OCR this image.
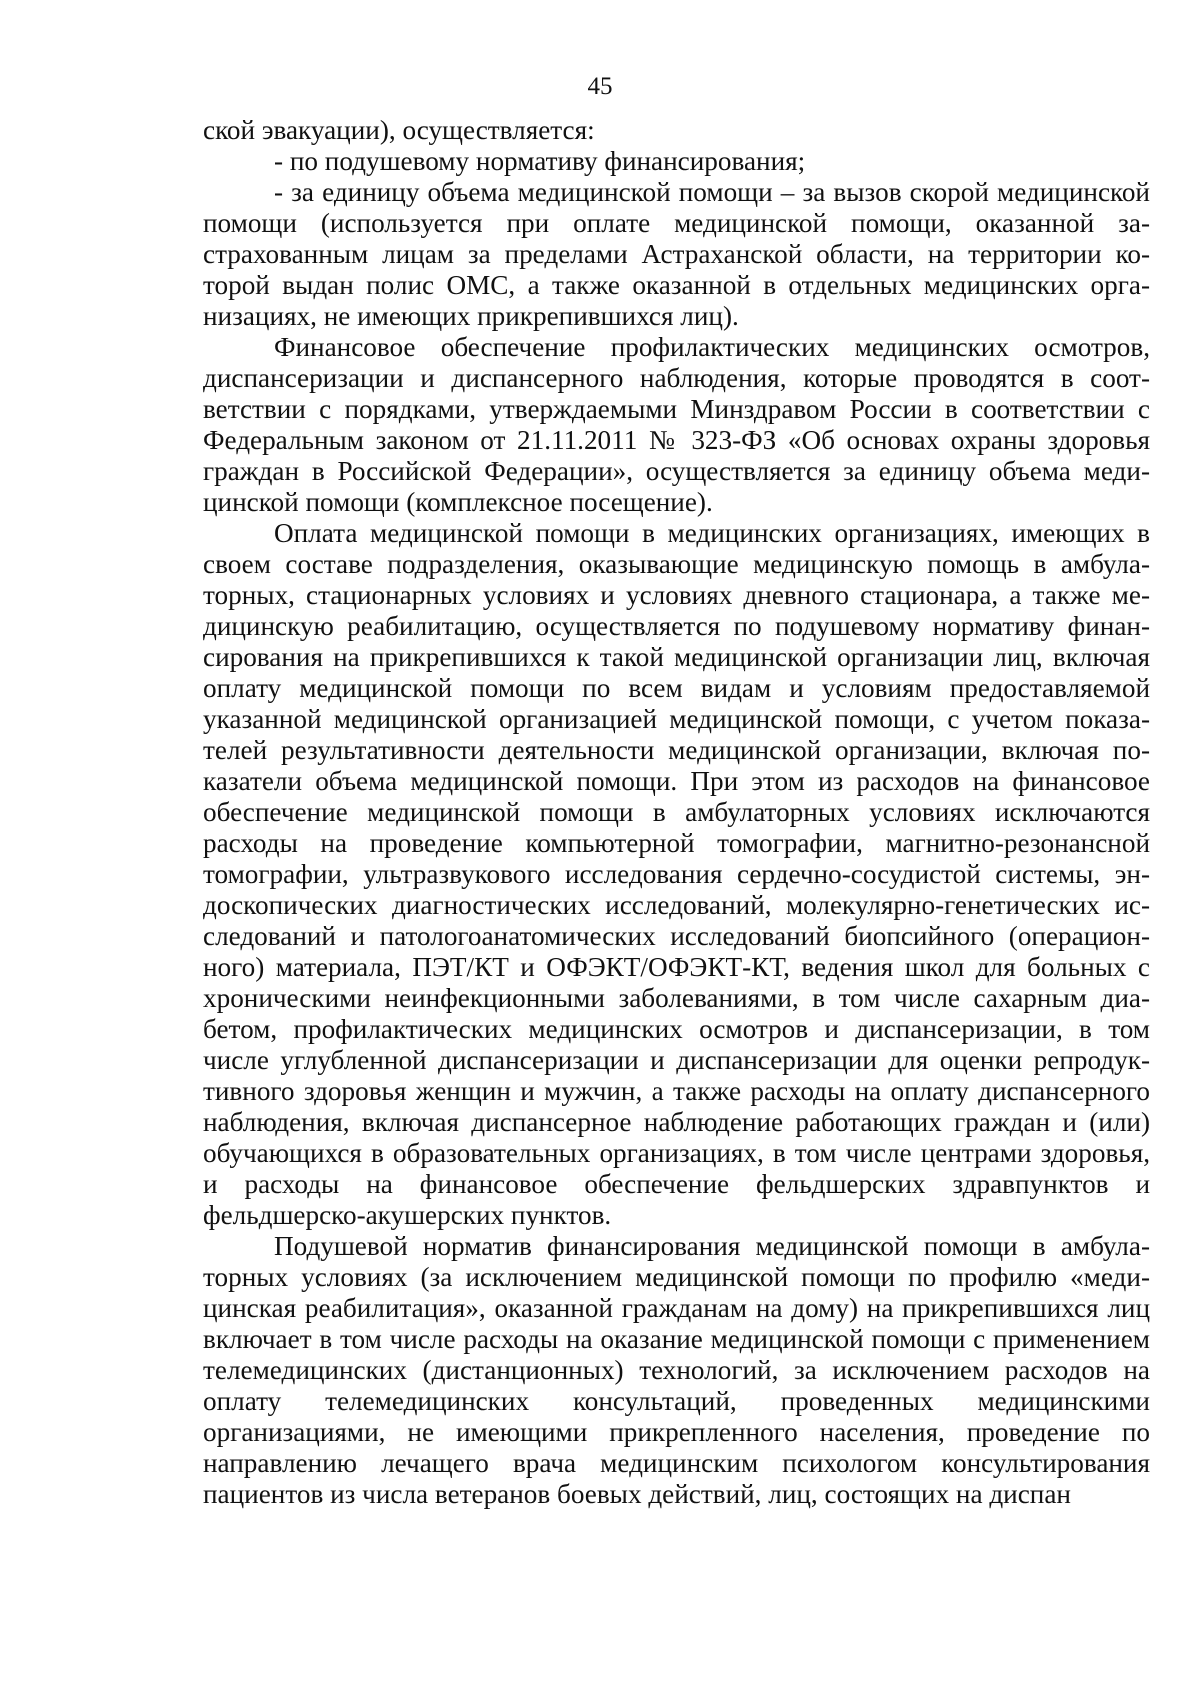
45

ской эвакуации), осуществляется:

- по подушевому нормативу финансирования;

- за единицу объема медицинской помощи – за вызов скорой медицинской помощи (используется при оплате медицинской помощи, оказанной застрахованным лицам за пределами Астраханской области, на территории которой выдан полис ОМС, а также оказанной в отдельных медицинских организациях, не имеющих прикрепившихся лиц).

Финансовое обеспечение профилактических медицинских осмотров, диспансеризации и диспансерного наблюдения, которые проводятся в соответствии с порядками, утверждаемыми Минздравом России в соответствии с Федеральным законом от 21.11.2011 № 323-ФЗ «Об основах охраны здоровья граждан в Российской Федерации», осуществляется за единицу объема медицинской помощи (комплексное посещение).

Оплата медицинской помощи в медицинских организациях, имеющих в своем составе подразделения, оказывающие медицинскую помощь в амбулаторных, стационарных условиях и условиях дневного стационара, а также медицинскую реабилитацию, осуществляется по подушевому нормативу финансирования на прикрепившихся к такой медицинской организации лиц, включая оплату медицинской помощи по всем видам и условиям предоставляемой указанной медицинской организацией медицинской помощи, с учетом показателей результативности деятельности медицинской организации, включая показатели объема медицинской помощи. При этом из расходов на финансовое обеспечение медицинской помощи в амбулаторных условиях исключаются расходы на проведение компьютерной томографии, магнитно-резонансной томографии, ультразвукового исследования сердечно-сосудистой системы, эндоскопических диагностических исследований, молекулярно-генетических исследований и патологоанатомических исследований биопсийного (операционного) материала, ПЭТ/КТ и ОФЭКТ/ОФЭКТ-КТ, ведения школ для больных с хроническими неинфекционными заболеваниями, в том числе сахарным диабетом, профилактических медицинских осмотров и диспансеризации, в том числе углубленной диспансеризации и диспансеризации для оценки репродуктивного здоровья женщин и мужчин, а также расходы на оплату диспансерного наблюдения, включая диспансерное наблюдение работающих граждан и (или) обучающихся в образовательных организациях, в том числе центрами здоровья, и расходы на финансовое обеспечение фельдшерских здравпунктов и фельдшерско-акушерских пунктов.

Подушевой норматив финансирования медицинской помощи в амбулаторных условиях (за исключением медицинской помощи по профилю «медицинская реабилитация», оказанной гражданам на дому) на прикрепившихся лиц включает в том числе расходы на оказание медицинской помощи с применением телемедицинских (дистанционных) технологий, за исключением расходов на оплату телемедицинских консультаций, проведенных медицинскими организациями, не имеющими прикрепленного населения, проведение по направлению лечащего врача медицинским психологом консультирования пациентов из числа ветеранов боевых действий, лиц, состоящих на диспан
